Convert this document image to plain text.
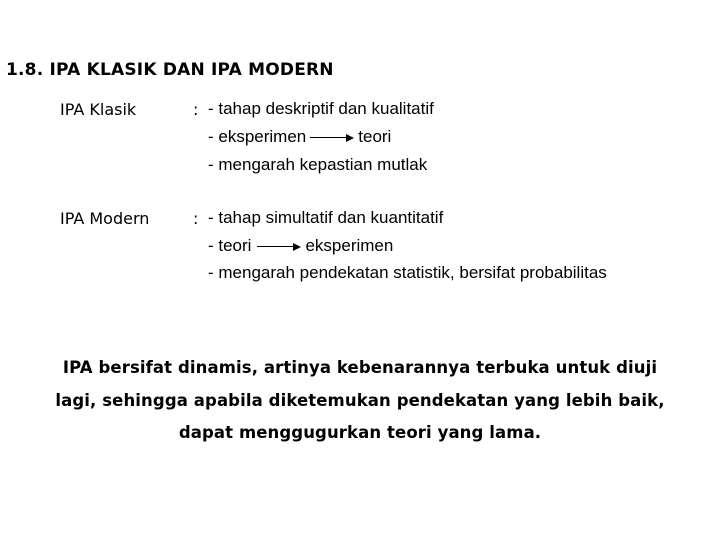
1.8. IPA KLASIK DAN IPA MODERN
IPA Klasik	: - tahap deskriptif dan kualitatif
- eksperimen	teori
- mengarah kepastian mutlak
IPA Modern	: - tahap simultatif dan kuantitatif
- teori	eksperimen
- mengarah pendekatan statistik, bersifat probabilitas
IPA bersifat dinamis, artinya kebenarannya terbuka untuk diuji
lagi, sehingga apabila diketemukan pendekatan yang lebih baik,
dapat menggugurkan teori yang lama.
